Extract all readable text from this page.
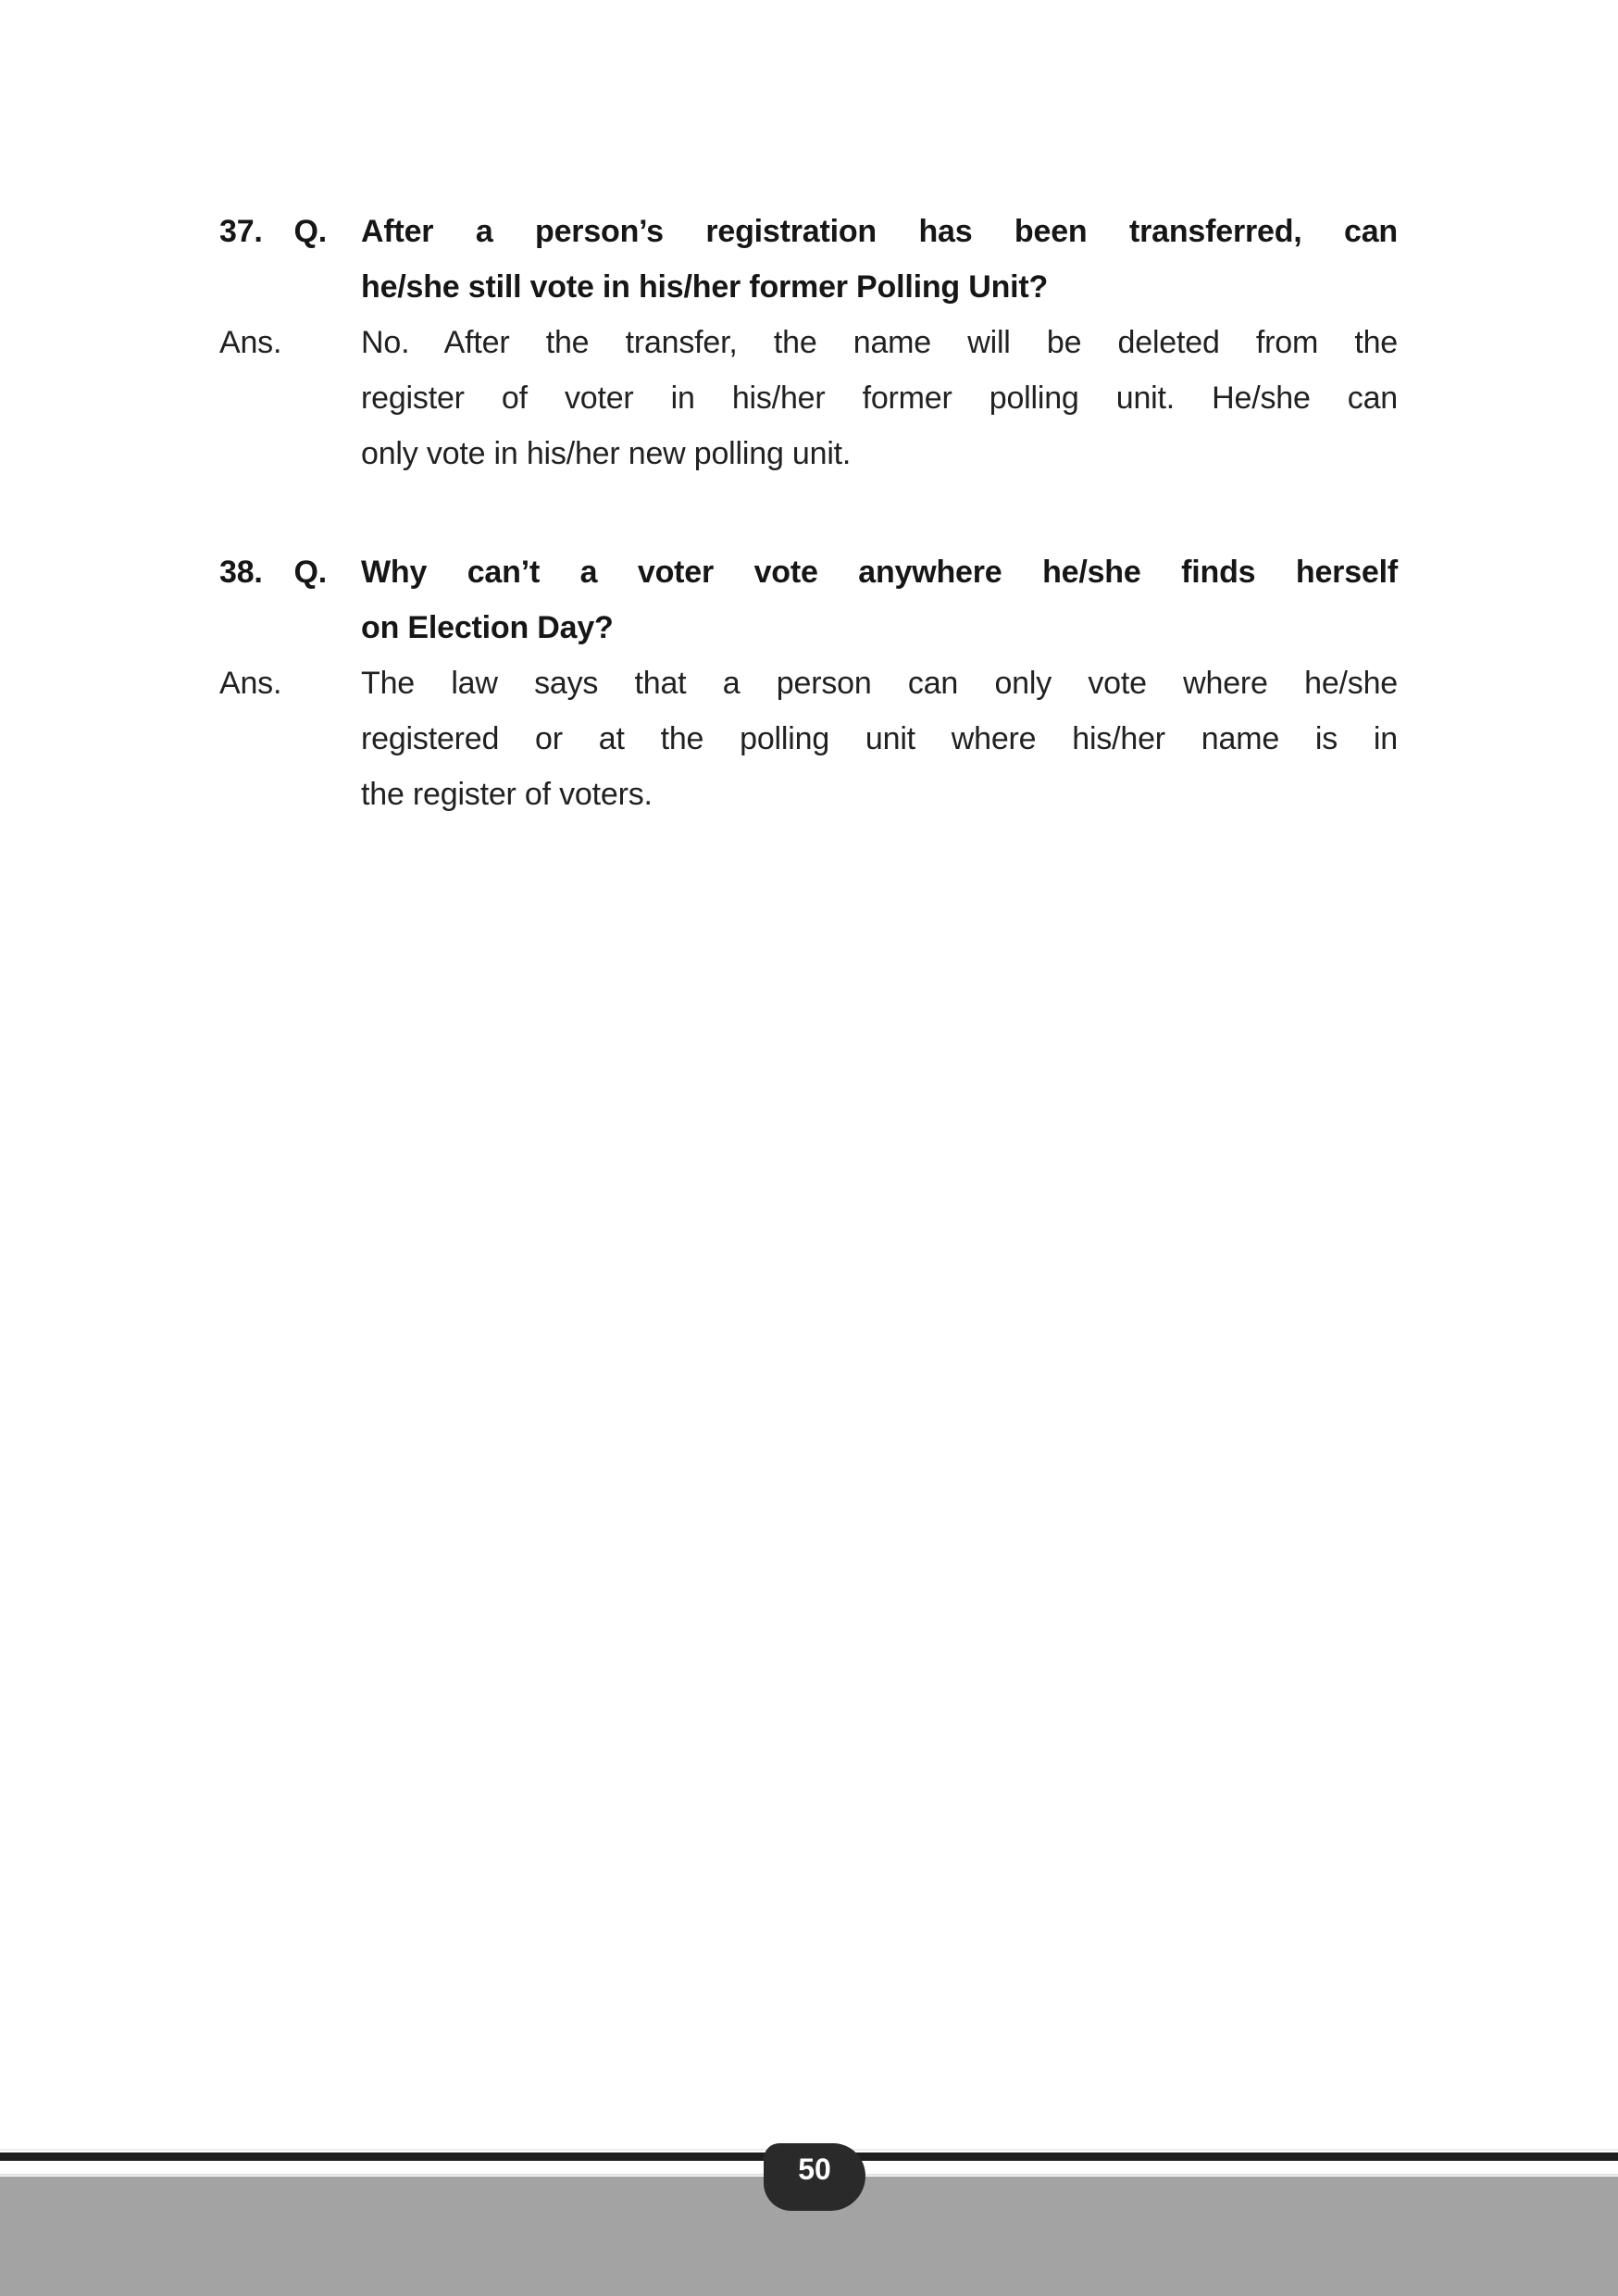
37. Q. After a person’s registration has been transferred, can
he/she still vote in his/her former Polling Unit?
Ans.	No. After the transfer, the name will be deleted from the
register of voter in his/her former polling unit. He/she can
only vote in his/her new polling unit.
38. Q. Why can’t a voter vote anywhere he/she finds herself
on Election Day?
Ans.	The law says that a person can only vote where he/she
registered or at the polling unit where his/her name is in
the register of voters.
50
